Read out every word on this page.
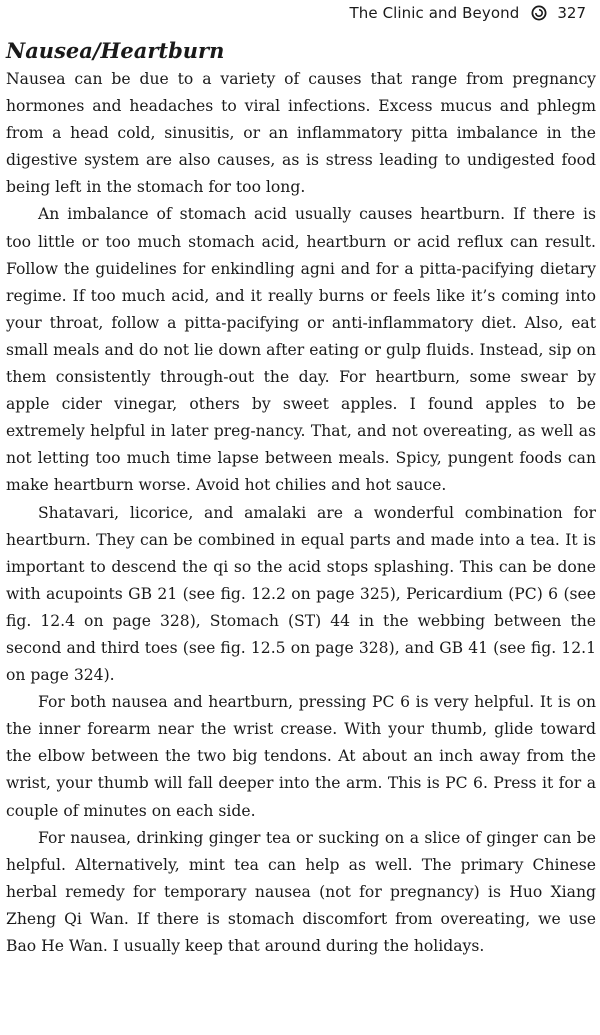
The Clinic and Beyond	327
Nausea/Heartburn

Nausea can be due to a variety of causes that range from pregnancy hormones and headaches to viral infections. Excess mucus and phlegm from a head cold, sinusitis, or an inflammatory pitta imbalance in the digestive system are also causes, as is stress leading to undigested food being left in the stomach for too long.

An imbalance of stomach acid usually causes heartburn. If there is too little or too much stomach acid, heartburn or acid reflux can result. Follow the guidelines for enkindling agni and for a pitta-pacifying dietary regime. If too much acid, and it really burns or feels like it’s coming into your throat, follow a pitta-pacifying or anti-inflammatory diet. Also, eat small meals and do not lie down after eating or gulp fluids. Instead, sip on them consistently through-out the day. For heartburn, some swear by apple cider vinegar, others by sweet apples. I found apples to be extremely helpful in later preg-nancy. That, and not overeating, as well as not letting too much time lapse between meals. Spicy, pungent foods can make heartburn worse. Avoid hot chilies and hot sauce.

Shatavari, licorice, and amalaki are a wonderful combination for heartburn. They can be combined in equal parts and made into a tea. It is important to descend the qi so the acid stops splashing. This can be done with acupoints GB 21 (see fig. 12.2 on page 325), Pericardium (PC) 6 (see fig. 12.4 on page 328), Stomach (ST) 44 in the webbing between the second and third toes (see fig. 12.5 on page 328), and GB 41 (see fig. 12.1 on page 324).

For both nausea and heartburn, pressing PC 6 is very helpful. It is on the inner forearm near the wrist crease. With your thumb, glide toward the elbow between the two big tendons. At about an inch away from the wrist, your thumb will fall deeper into the arm. This is PC 6. Press it for a couple of minutes on each side.

For nausea, drinking ginger tea or sucking on a slice of ginger can be helpful. Alternatively, mint tea can help as well. The primary Chinese herbal remedy for temporary nausea (not for pregnancy) is Huo Xiang Zheng Qi Wan. If there is stomach discomfort from overeating, we use Bao He Wan. I usually keep that around during the holidays.
